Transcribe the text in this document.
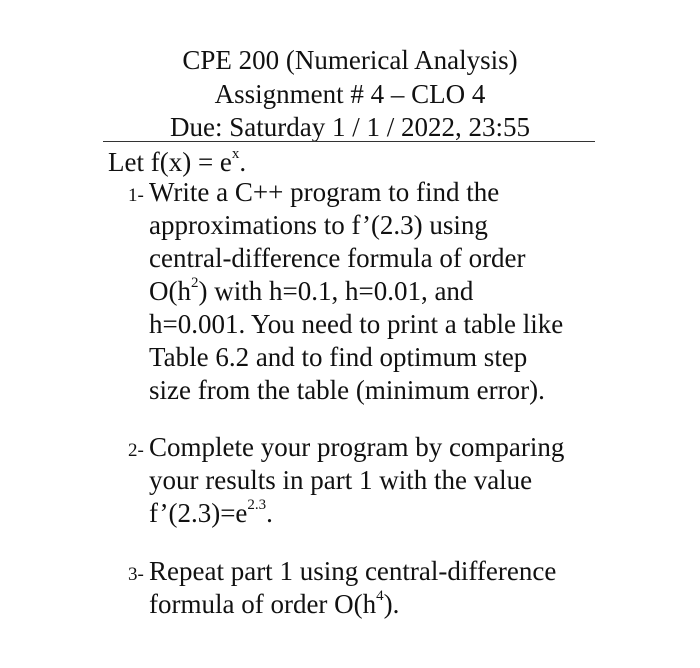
CPE 200 (Numerical Analysis)
Assignment # 4 – CLO 4
Due: Saturday 1 / 1 / 2022, 23:55
Let $f(x) = e^x$.
1- Write a C++ program to find the
approximations to f’(2.3) using
central-difference formula of order
$O(h^2)$ with h=0.1, h=0.01, and
h=0.001. You need to print a table like
Table 6.2 and to find optimum step
size from the table (minimum error).
2- Complete your program by comparing
your results in part 1 with the value
$f’(2.3)=e^{2.3}$.
3- Repeat part 1 using central-difference
formula of order $O(h^4)$.
